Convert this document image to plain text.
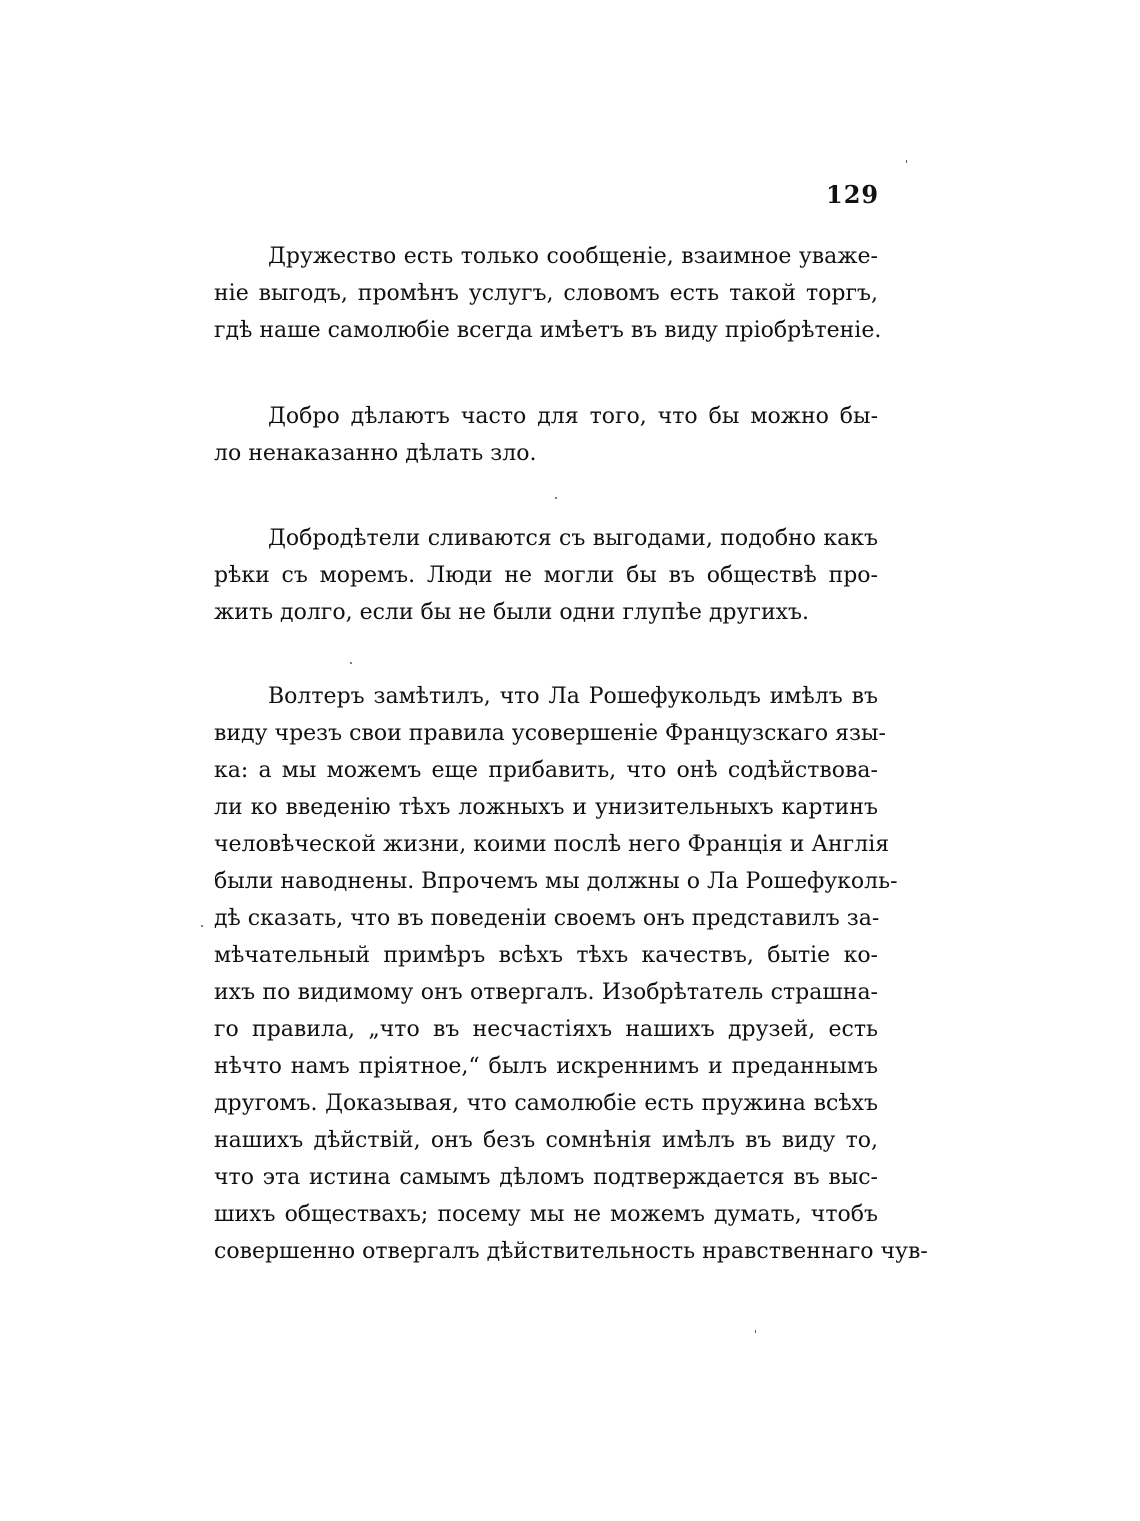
129
Дружество есть только сообщеніе, взаимное уваже-
ніе выгодъ, промѣнъ услугъ, словомъ есть такой торгъ,
гдѣ наше самолюбіе всегда имѣетъ въ виду пріобрѣтеніе.
Добро дѣлаютъ часто для того, что бы можно бы-
ло ненаказанно дѣлать зло.
Добродѣтели сливаются съ выгодами, подобно какъ
рѣки съ моремъ. Люди не могли бы въ обществѣ про-
жить долго, если бы не были одни глупѣе другихъ.
Волтеръ замѣтилъ, что Ла Рошефукольдъ имѣлъ въ
виду чрезъ свои правила усовершеніе Французскаго язы-
ка: а мы можемъ еще прибавить, что онѣ содѣйствова-
ли ко введенію тѣхъ ложныхъ и унизительныхъ картинъ
человѣческой жизни, коими послѣ него Франція и Англія
были наводнены. Впрочемъ мы должны о Ла Рошефуколь-
дѣ сказать, что въ поведеніи своемъ онъ представилъ за-
мѣчательный примѣръ всѣхъ тѣхъ качествъ, бытіе ко-
ихъ по видимому онъ отвергалъ. Изобрѣтатель страшна-
го правила, „что въ несчастіяхъ нашихъ друзей, есть
нѣчто намъ пріятное,“ былъ искреннимъ и преданнымъ
другомъ. Доказывая, что самолюбіе есть пружина всѣхъ
нашихъ дѣйствій, онъ безъ сомнѣнія имѣлъ въ виду то,
что эта истина самымъ дѣломъ подтверждается въ выс-
шихъ обществахъ; посему мы не можемъ думать, чтобъ
совершенно отвергалъ дѣйствительность нравственнаго чув-
